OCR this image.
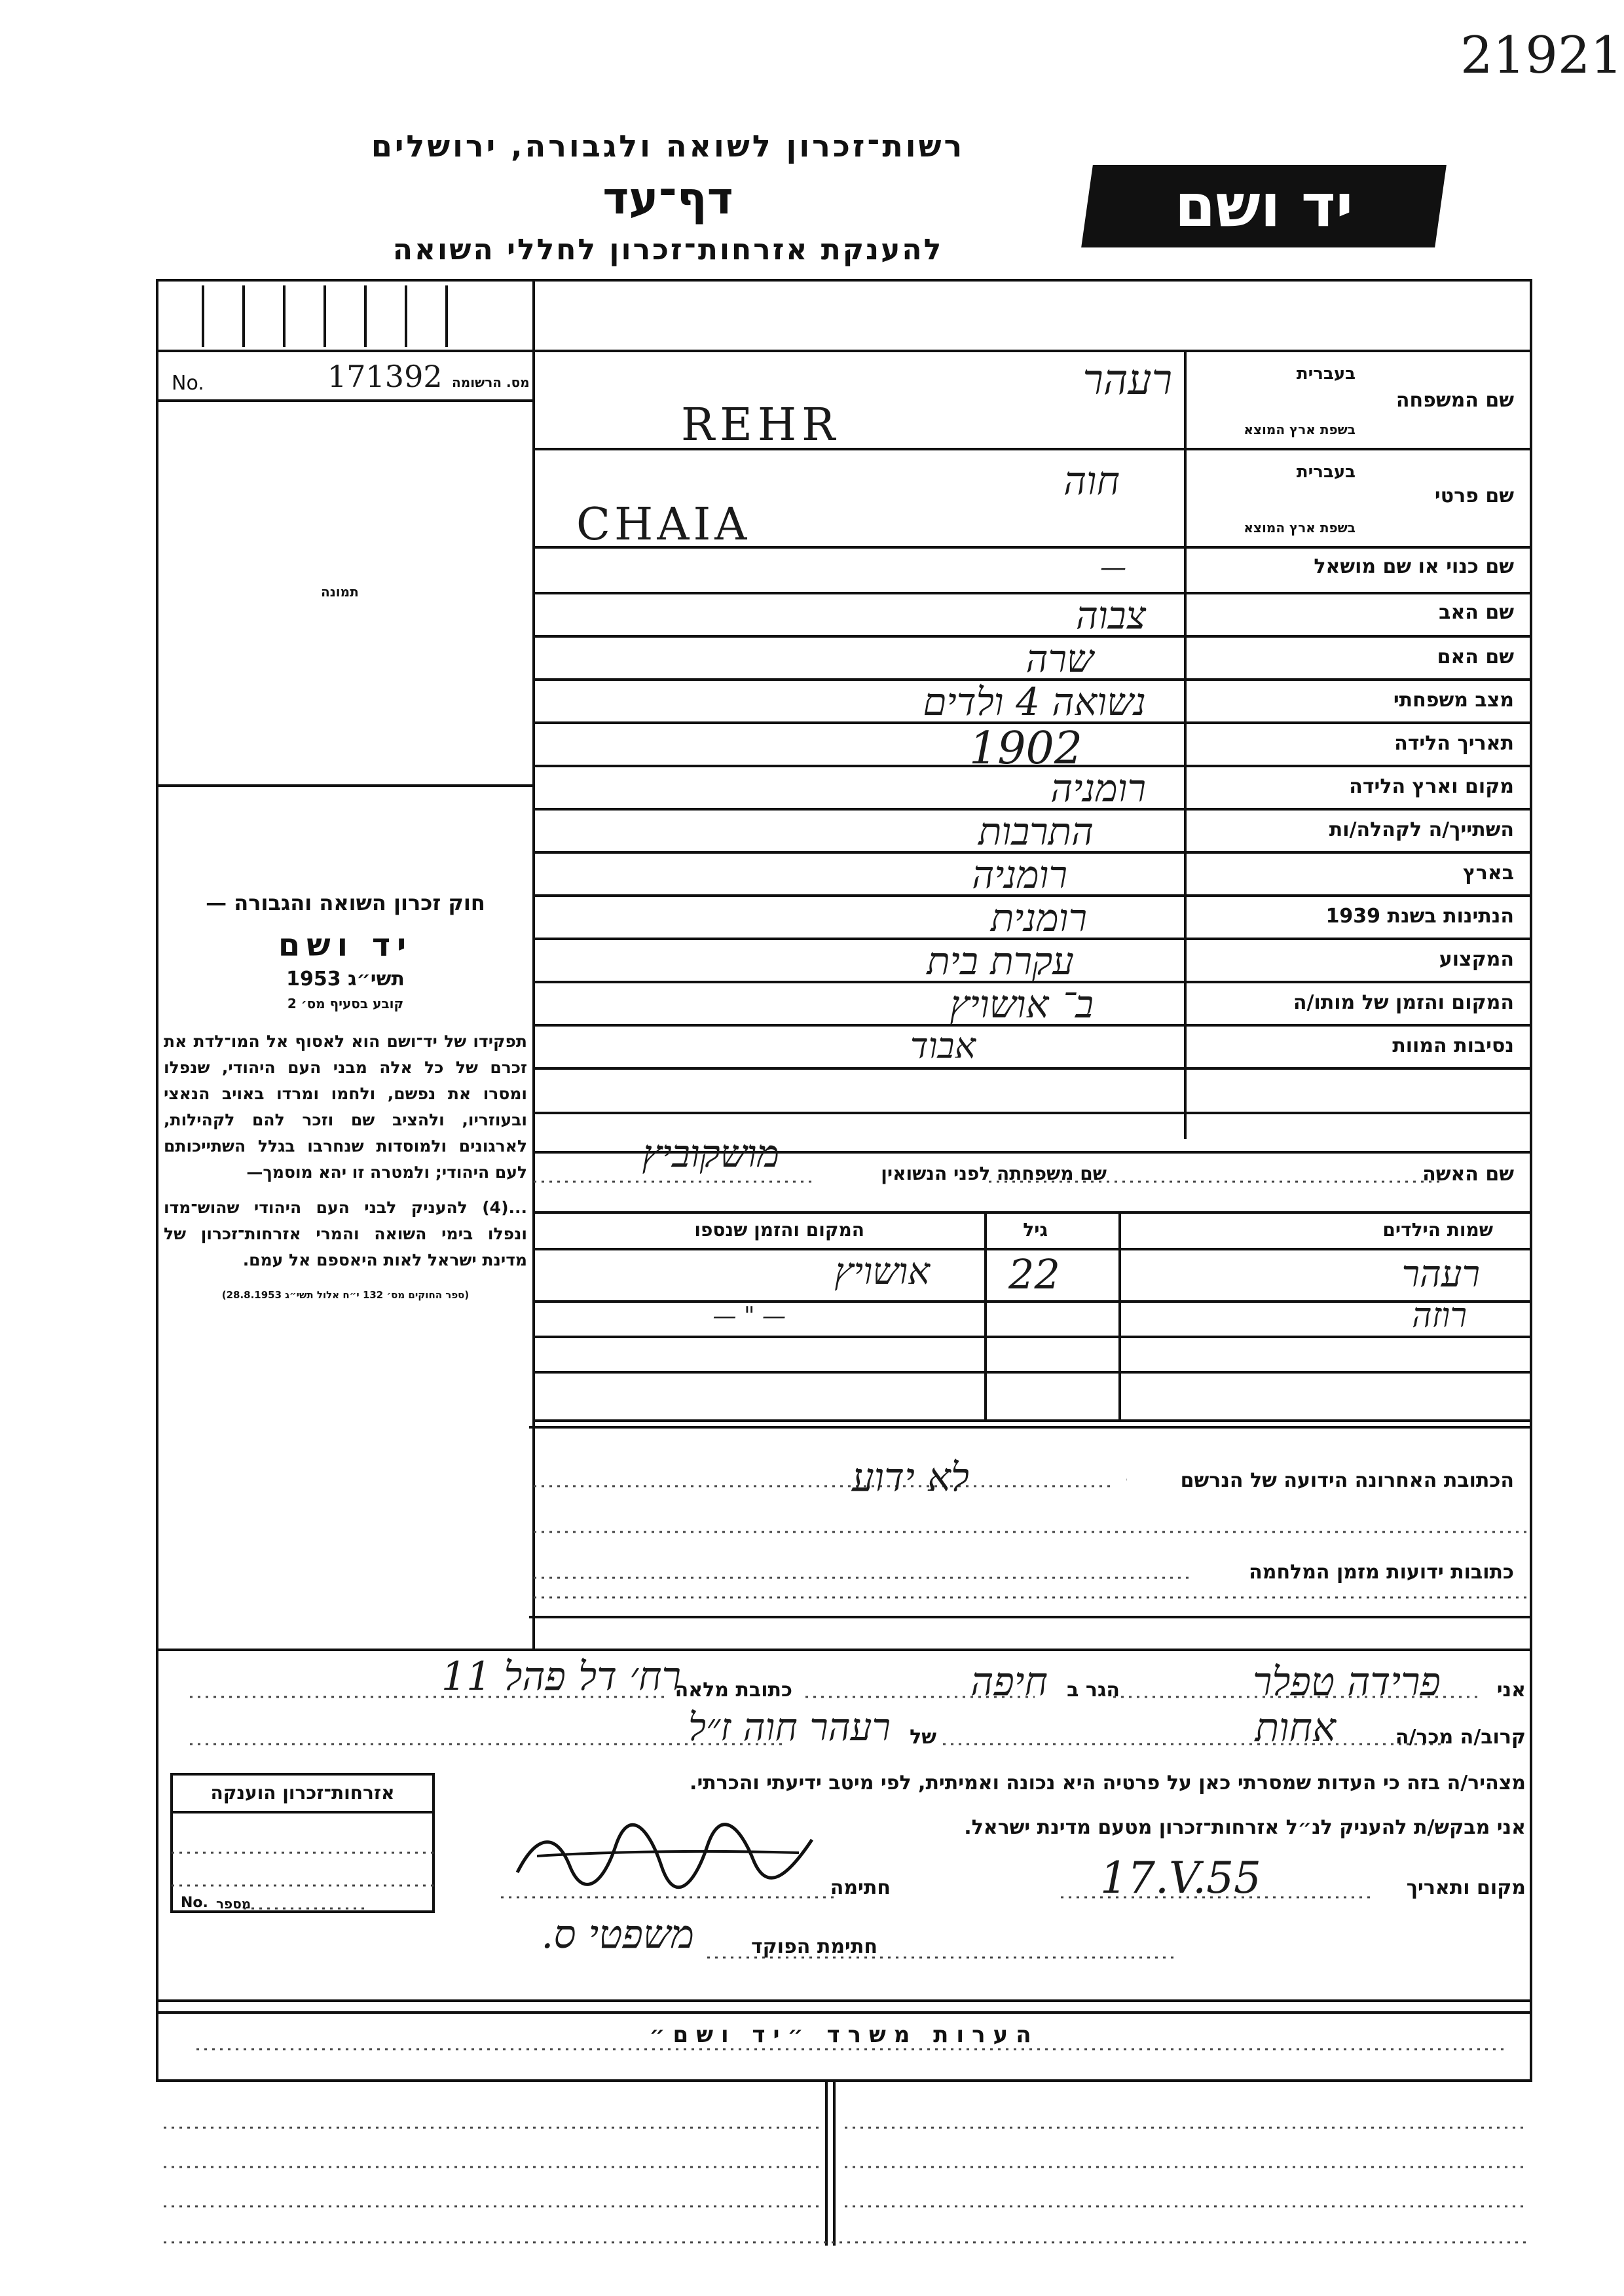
21921
רשות־זכרון לשואה ולגבורה, ירושלים
דף־עד
להענקת אזרחות־זכרון לחללי השואה
יד ושם
No.	171392 מס. הרשומה
תמונה
חוק זכרון השואה והגבורה —
יד ושם
תשי״ג 1953
קובע בסעיף מס׳ 2
תפקידו של יד־ושם הוא לאסוף אל המו־לדת את זכרם של כל אלה מבני העם היהודי, שנפלו ומסרו את נפשם, ולחמו ומרדו באויב הנאצי ובעוזריו, ולהציב שם וזכר להם לקהילות, לארגונים ולמוסדות שנחרבו בגלל השתייכותם לעם היהודי; ולמטרה זו יהא מוסמך—
...(4) להעניק לבני העם היהודי שהוש־מדו ונפלו בימי השואה והמרי אזרחות־זכרון של מדינת ישראל לאות היאספם אל עמם.
(ספר החוקים מס׳ 132 י״ח אלול תשי״ג 28.8.1953)
שם המשפחה
בעברית
בשפת ארץ המוצא
שם פרטי
בעברית
בשפת ארץ המוצא
שם כנוי או שם מושאל
שם האב
שם האם
מצב משפחתי
תאריך הלידה
מקום וארץ הלידה
השתייך/ה לקהלה/ות
בארץ
הנתינות בשנת 1939
המקצוע
המקום והזמן של מותו/ה
נסיבות המוות
שם האשה
שם משפחתה לפני הנשואין
רעהר
REHR
חוה
CHAIA
—
צבוה
שרה
נשואה 4 ולדים
1902
רומניה
התרבות
רומניה
רומנית
עקרת בית
ב־ אושויץ
אבוד
מושקוביץ
שמות הילדים
גיל
המקום והזמן שנספו
רעהר
22
אושויץ
רוזה
— " —
הכתובת האחרונה הידועה של הנרשם
לא ידוע
כתובות ידועות מזמן המלחמה
אני
פרידה טפלר
הגר ב
חיפה
כתובת מלאה
רח׳ דל פהל 11
קרוב/ה מכר/ה
אחות
של
רעהר חוה ז״ל
מצהיר/ה בזה כי העדות שמסרתי כאן על פרטיה היא נכונה ואמיתית, לפי מיטב ידיעתי והכרתי.
אני מבקש/ת להעניק לנ״ל אזרחות־זכרון מטעם מדינת ישראל.
מקום ותאריך
17.V.55
חתימה
חתימת הפוקד
משפטי ס.
אזרחות־זכרון הוענקה
No. מספר
הערות משרד ״יד ושם״
